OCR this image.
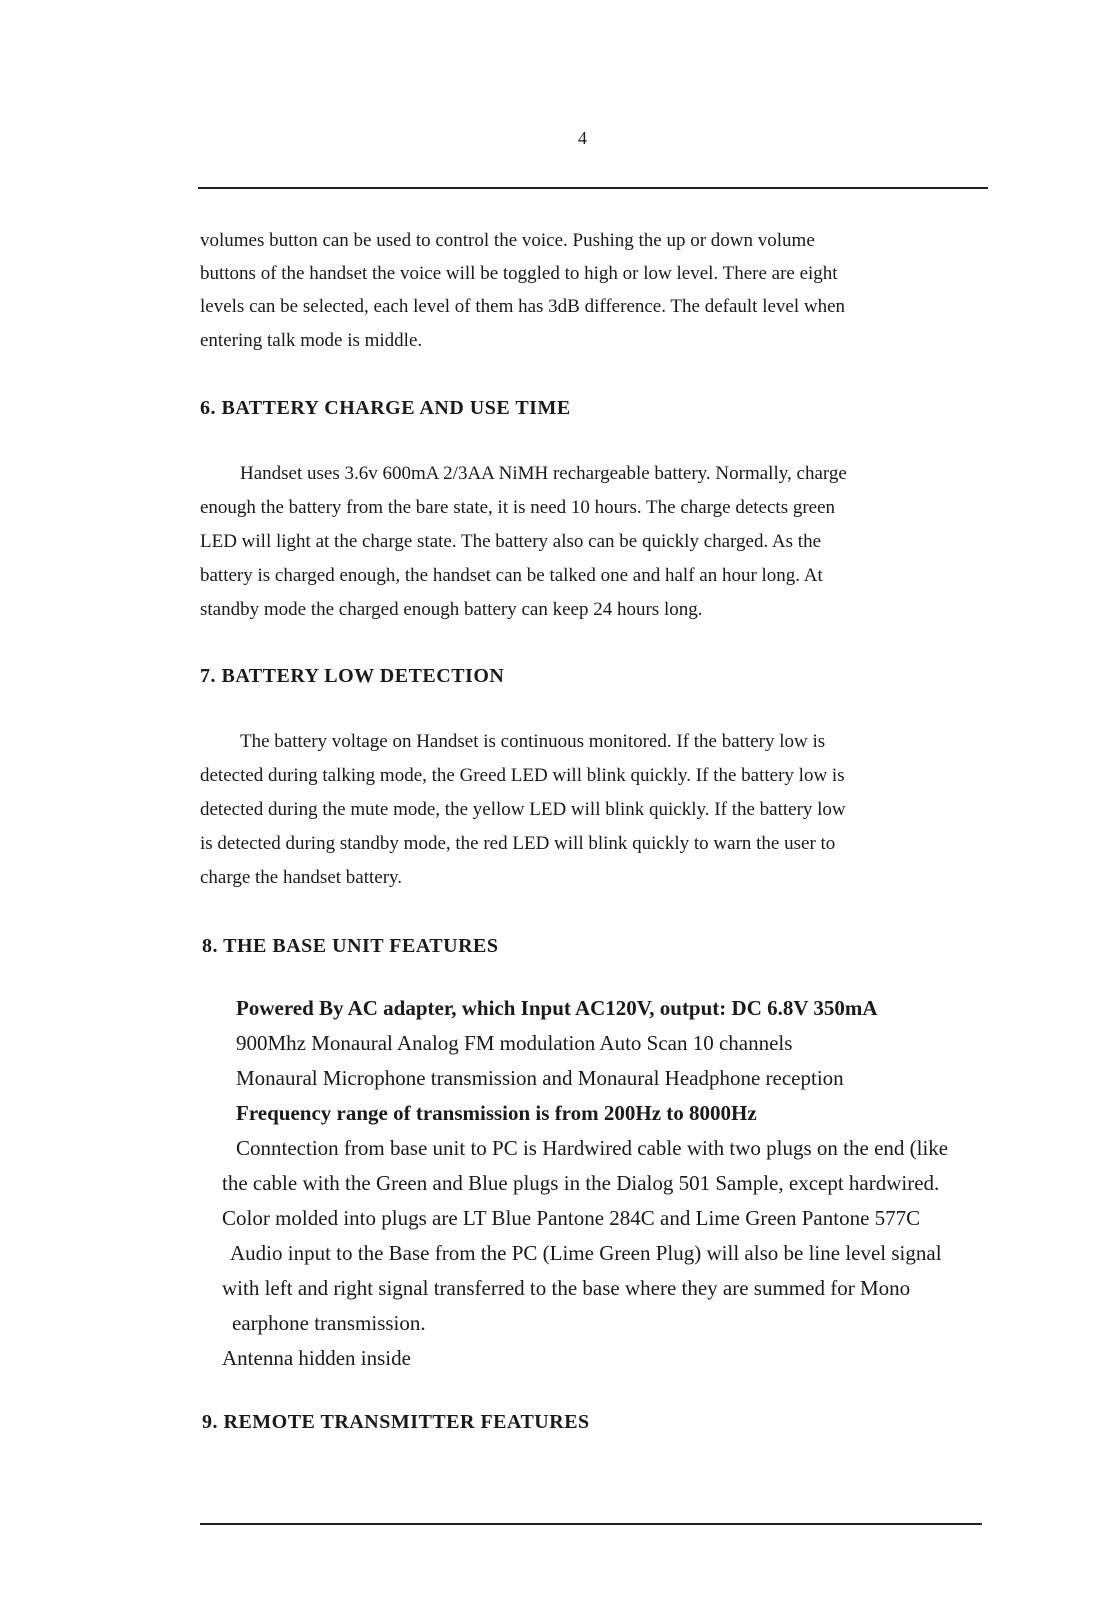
4
volumes button can be used to control the voice. Pushing the up or down volume
buttons of the handset the voice will be toggled to high or low level. There are eight
levels can be selected, each level of them has 3dB difference. The default level when
entering talk mode is middle.
6. BATTERY CHARGE AND USE TIME
Handset uses 3.6v 600mA 2/3AA NiMH rechargeable battery. Normally, charge
enough the battery from the bare state, it is need 10 hours. The charge detects green
LED will light at the charge state. The battery also can be quickly charged. As the
battery is charged enough, the handset can be talked one and half an hour long. At
standby mode the charged enough battery can keep 24 hours long.
7. BATTERY LOW DETECTION
The battery voltage on Handset is continuous monitored. If the battery low is
detected during talking mode, the Greed LED will blink quickly. If the battery low is
detected during the mute mode, the yellow LED will blink quickly. If the battery low
is detected during standby mode, the red LED will blink quickly to warn the user to
charge the handset battery.
8. THE BASE UNIT FEATURES
Powered By AC adapter, which Input AC120V, output: DC 6.8V 350mA
900Mhz Monaural Analog FM modulation Auto Scan 10 channels
Monaural Microphone transmission and Monaural Headphone reception
Frequency range of transmission is from 200Hz to 8000Hz
Conntection from base unit to PC is Hardwired cable with two plugs on the end (like
the cable with the Green and Blue plugs in the Dialog 501 Sample, except hardwired.
Color molded into plugs are LT Blue Pantone 284C and Lime Green Pantone 577C
Audio input to the Base from the PC (Lime Green Plug) will also be line level signal
with left and right signal transferred to the base where they are summed for Mono
earphone transmission.
Antenna hidden inside
9. REMOTE TRANSMITTER FEATURES
